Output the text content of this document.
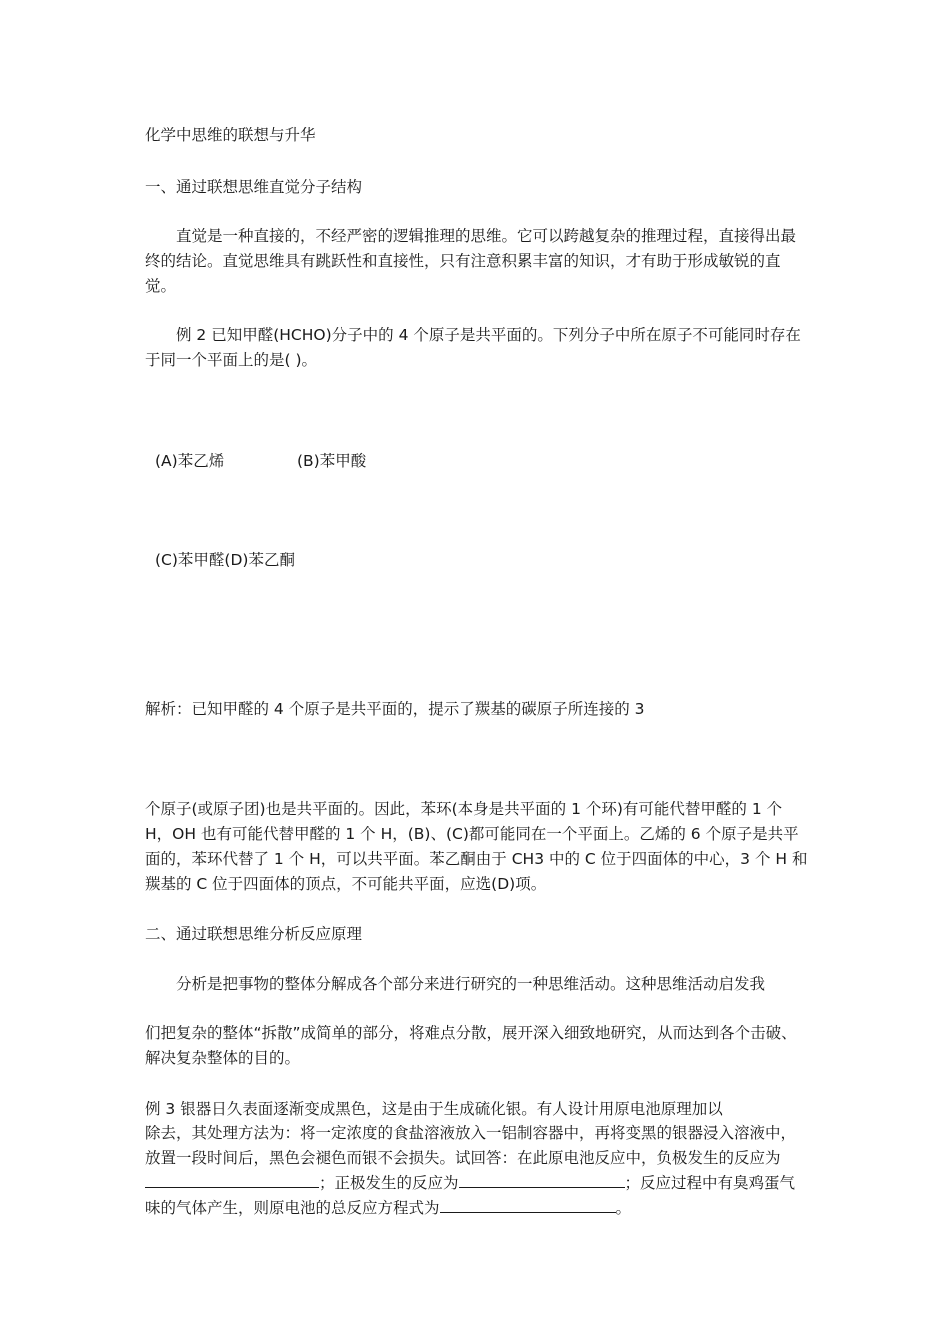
化学中思维的联想与升华

一、通过联想思维直觉分子结构

直觉是一种直接的，不经严密的逻辑推理的思维。它可以跨越复杂的推理过程，直接得出最终的结论。直觉思维具有跳跃性和直接性，只有注意积累丰富的知识，才有助于形成敏锐的直觉。

例 2 已知甲醛(HCHO)分子中的 4 个原子是共平面的。下列分子中所在原子不可能同时存在于同一个平面上的是( )。

(A)苯乙烯	(B)苯甲酸

(C)苯甲醛(D)苯乙酮

解析：已知甲醛的 4 个原子是共平面的，提示了羰基的碳原子所连接的 3

个原子(或原子团)也是共平面的。因此，苯环(本身是共平面的 1 个环)有可能代替甲醛的 1 个 H，OH 也有可能代替甲醛的 1 个 H，(B)、(C)都可能同在一个平面上。乙烯的 6 个原子是共平面的，苯环代替了 1 个 H，可以共平面。苯乙酮由于 CH3 中的 C 位于四面体的中心，3 个 H 和羰基的 C 位于四面体的顶点，不可能共平面，应选(D)项。

二、通过联想思维分析反应原理

分析是把事物的整体分解成各个部分来进行研究的一种思维活动。这种思维活动启发我

们把复杂的整体“拆散”成简单的部分，将难点分散，展开深入细致地研究，从而达到各个击破、解决复杂整体的目的。

例 3 银器日久表面逐渐变成黑色，这是由于生成硫化银。有人设计用原电池原理加以

除去，其处理方法为：将一定浓度的食盐溶液放入一铝制容器中，再将变黑的银器浸入溶液中，放置一段时间后，黑色会褪色而银不会损失。试回答：在此原电池反应中，负极发生的反应为；正极发生的反应为	；反应过程中有臭鸡蛋气味的气体产生，则原电池的总反应方程式为	。
